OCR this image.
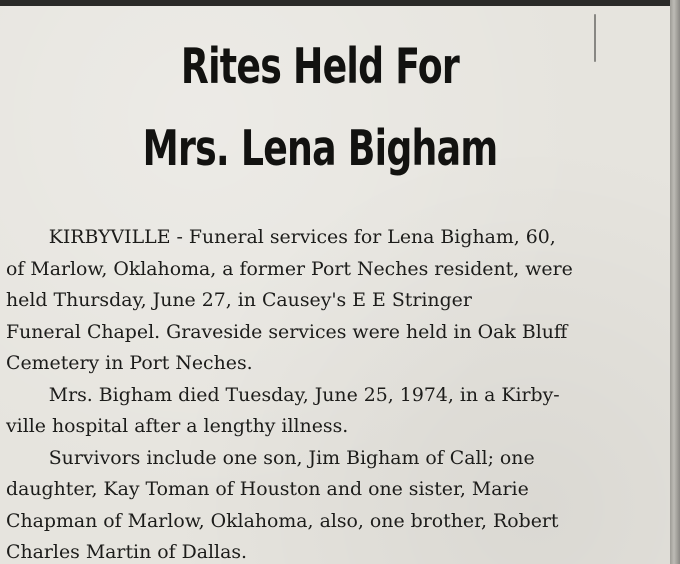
Rites Held For
Mrs. Lena Bigham
KIRBYVILLE - Funeral services for Lena Bigham, 60,
of Marlow, Oklahoma, a former Port Neches resident, were
held Thursday, June 27, in Causey's E E Stringer
Funeral Chapel. Graveside services were held in Oak Bluff
Cemetery in Port Neches.
Mrs. Bigham died Tuesday, June 25, 1974, in a Kirby-
ville hospital after a lengthy illness.
Survivors include one son, Jim Bigham of Call; one
daughter, Kay Toman of Houston and one sister, Marie
Chapman of Marlow, Oklahoma, also, one brother, Robert
Charles Martin of Dallas.
